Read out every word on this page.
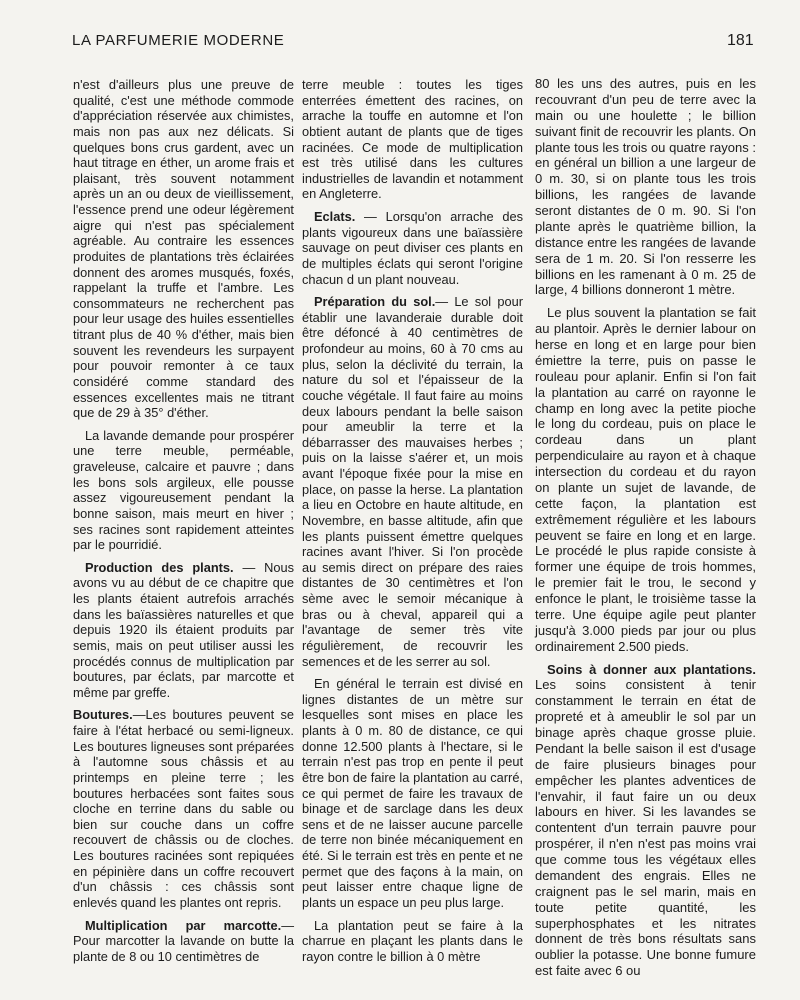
LA PARFUMERIE MODERNE	181

n'est d'ailleurs plus une preuve de qualité, c'est une méthode commode d'appréciation réservée aux chimistes, mais non pas aux nez délicats. Si quelques bons crus gardent, avec un haut titrage en éther, un arome frais et plaisant, très souvent notamment après un an ou deux de vieillissement, l'essence prend une odeur légèrement aigre qui n'est pas spécialement agréable. Au contraire les essences produites de plantations très éclairées donnent des aromes musqués, foxés, rappelant la truffe et l'ambre. Les consommateurs ne recherchent pas pour leur usage des huiles essentielles titrant plus de 40 % d'éther, mais bien souvent les revendeurs les surpayent pour pouvoir remonter à ce taux considéré comme standard des essences excellentes mais ne titrant que de 29 à 35° d'éther.

La lavande demande pour prospérer une terre meuble, perméable, graveleuse, calcaire et pauvre ; dans les bons sols argileux, elle pousse assez vigoureusement pendant la bonne saison, mais meurt en hiver ; ses racines sont rapidement atteintes par le pourridié.

Production des plants. — Nous avons vu au début de ce chapitre que les plants étaient autrefois arrachés dans les baïassières naturelles et que depuis 1920 ils étaient produits par semis, mais on peut utiliser aussi les procédés connus de multiplication par boutures, par éclats, par marcotte et même par greffe.

Boutures.—Les boutures peuvent se faire à l'état herbacé ou semi-ligneux. Les boutures ligneuses sont préparées à l'automne sous châssis et au printemps en pleine terre ; les boutures herbacées sont faites sous cloche en terrine dans du sable ou bien sur couche dans un coffre recouvert de châssis ou de cloches. Les boutures racinées sont repiquées en pépinière dans un coffre recouvert d'un châssis : ces châssis sont enlevés quand les plantes ont repris.

Multiplication par marcotte.— Pour marcotter la lavande on butte la plante de 8 ou 10 centimètres de

terre meuble : toutes les tiges enterrées émettent des racines, on arrache la touffe en automne et l'on obtient autant de plants que de tiges racinées. Ce mode de multiplication est très utilisé dans les cultures industrielles de lavandin et notamment en Angleterre.

Eclats. — Lorsqu'on arrache des plants vigoureux dans une baïassière sauvage on peut diviser ces plants en de multiples éclats qui seront l'origine chacun d un plant nouveau.

Préparation du sol.— Le sol pour établir une lavanderaie durable doit être défoncé à 40 centimètres de profondeur au moins, 60 à 70 cms au plus, selon la déclivité du terrain, la nature du sol et l'épaisseur de la couche végétale. Il faut faire au moins deux labours pendant la belle saison pour ameublir la terre et la débarrasser des mauvaises herbes ; puis on la laisse s'aérer et, un mois avant l'époque fixée pour la mise en place, on passe la herse. La plantation a lieu en Octobre en haute altitude, en Novembre, en basse altitude, afin que les plants puissent émettre quelques racines avant l'hiver. Si l'on procède au semis direct on prépare des raies distantes de 30 centimètres et l'on sème avec le semoir mécanique à bras ou à cheval, appareil qui a l'avantage de semer très vite régulièrement, de recouvrir les semences et de les serrer au sol.

En général le terrain est divisé en lignes distantes de un mètre sur lesquelles sont mises en place les plants à 0 m. 80 de distance, ce qui donne 12.500 plants à l'hectare, si le terrain n'est pas trop en pente il peut être bon de faire la plantation au carré, ce qui permet de faire les travaux de binage et de sarclage dans les deux sens et de ne laisser aucune parcelle de terre non binée mécaniquement en été. Si le terrain est très en pente et ne permet que des façons à la main, on peut laisser entre chaque ligne de plants un espace un peu plus large.

La plantation peut se faire à la charrue en plaçant les plants dans le rayon contre le billion à 0 mètre

80 les uns des autres, puis en les recouvrant d'un peu de terre avec la main ou une houlette ; le billion suivant finit de recouvrir les plants. On plante tous les trois ou quatre rayons : en général un billion a une largeur de 0 m. 30, si on plante tous les trois billions, les rangées de lavande seront distantes de 0 m. 90. Si l'on plante après le quatrième billion, la distance entre les rangées de lavande sera de 1 m. 20. Si l'on resserre les billions en les ramenant à 0 m. 25 de large, 4 billions donneront 1 mètre.

Le plus souvent la plantation se fait au plantoir. Après le dernier labour on herse en long et en large pour bien émiettre la terre, puis on passe le rouleau pour aplanir. Enfin si l'on fait la plantation au carré on rayonne le champ en long avec la petite pioche le long du cordeau, puis on place le cordeau dans un plant perpendiculaire au rayon et à chaque intersection du cordeau et du rayon on plante un sujet de lavande, de cette façon, la plantation est extrêmement régulière et les labours peuvent se faire en long et en large. Le procédé le plus rapide consiste à former une équipe de trois hommes, le premier fait le trou, le second y enfonce le plant, le troisième tasse la terre. Une équipe agile peut planter jusqu'à 3.000 pieds par jour ou plus ordinairement 2.500 pieds.

Soins à donner aux plantations. Les soins consistent à tenir constamment le terrain en état de propreté et à ameublir le sol par un binage après chaque grosse pluie. Pendant la belle saison il est d'usage de faire plusieurs binages pour empêcher les plantes adventices de l'envahir, il faut faire un ou deux labours en hiver. Si les lavandes se contentent d'un terrain pauvre pour prospérer, il n'en n'est pas moins vrai que comme tous les végétaux elles demandent des engrais. Elles ne craignent pas le sel marin, mais en toute petite quantité, les superphosphates et les nitrates donnent de très bons résultats sans oublier la potasse. Une bonne fumure est faite avec 6 ou
